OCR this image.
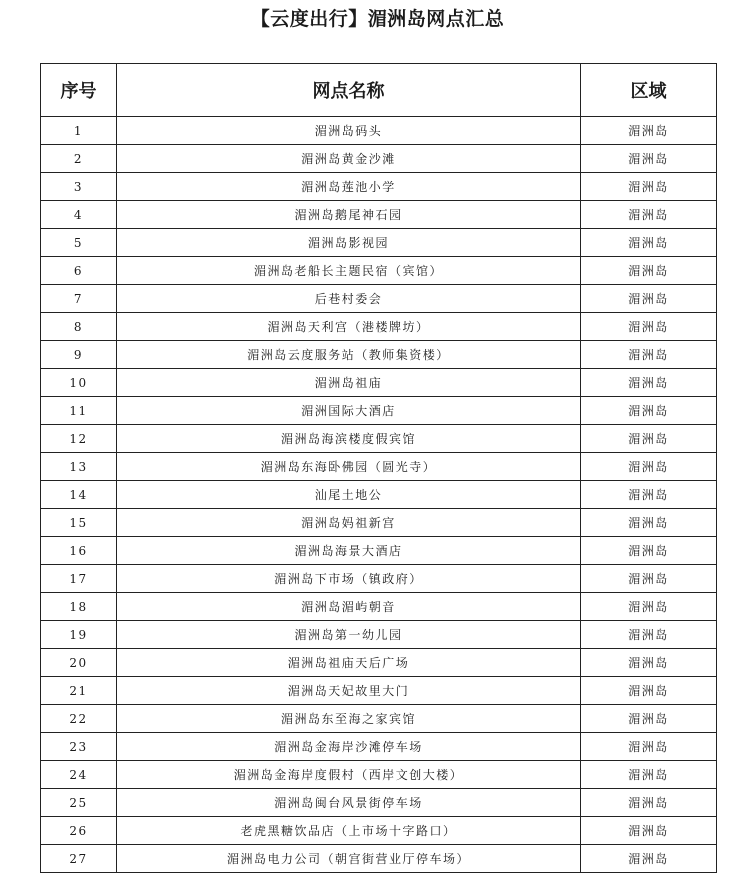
【云度出行】湄洲岛网点汇总
序号	网点名称	区域
1	湄洲岛码头	湄洲岛
2	湄洲岛黄金沙滩	湄洲岛
3	湄洲岛莲池小学	湄洲岛
4	湄洲岛鹅尾神石园	湄洲岛
5	湄洲岛影视园	湄洲岛
6	湄洲岛老船长主题民宿（宾馆）	湄洲岛
7	后巷村委会	湄洲岛
8	湄洲岛天利宫（港楼牌坊）	湄洲岛
9	湄洲岛云度服务站（教师集资楼）	湄洲岛
10	湄洲岛祖庙	湄洲岛
11	湄洲国际大酒店	湄洲岛
12	湄洲岛海滨楼度假宾馆	湄洲岛
13	湄洲岛东海卧佛园（圆光寺）	湄洲岛
14	汕尾土地公	湄洲岛
15	湄洲岛妈祖新宫	湄洲岛
16	湄洲岛海景大酒店	湄洲岛
17	湄洲岛下市场（镇政府）	湄洲岛
18	湄洲岛湄屿朝音	湄洲岛
19	湄洲岛第一幼儿园	湄洲岛
20	湄洲岛祖庙天后广场	湄洲岛
21	湄洲岛天妃故里大门	湄洲岛
22	湄洲岛东至海之家宾馆	湄洲岛
23	湄洲岛金海岸沙滩停车场	湄洲岛
24	湄洲岛金海岸度假村（西岸文创大楼）	湄洲岛
25	湄洲岛闽台风景街停车场	湄洲岛
26	老虎黑糖饮品店（上市场十字路口）	湄洲岛
27	湄洲岛电力公司（朝宫街营业厅停车场）	湄洲岛
